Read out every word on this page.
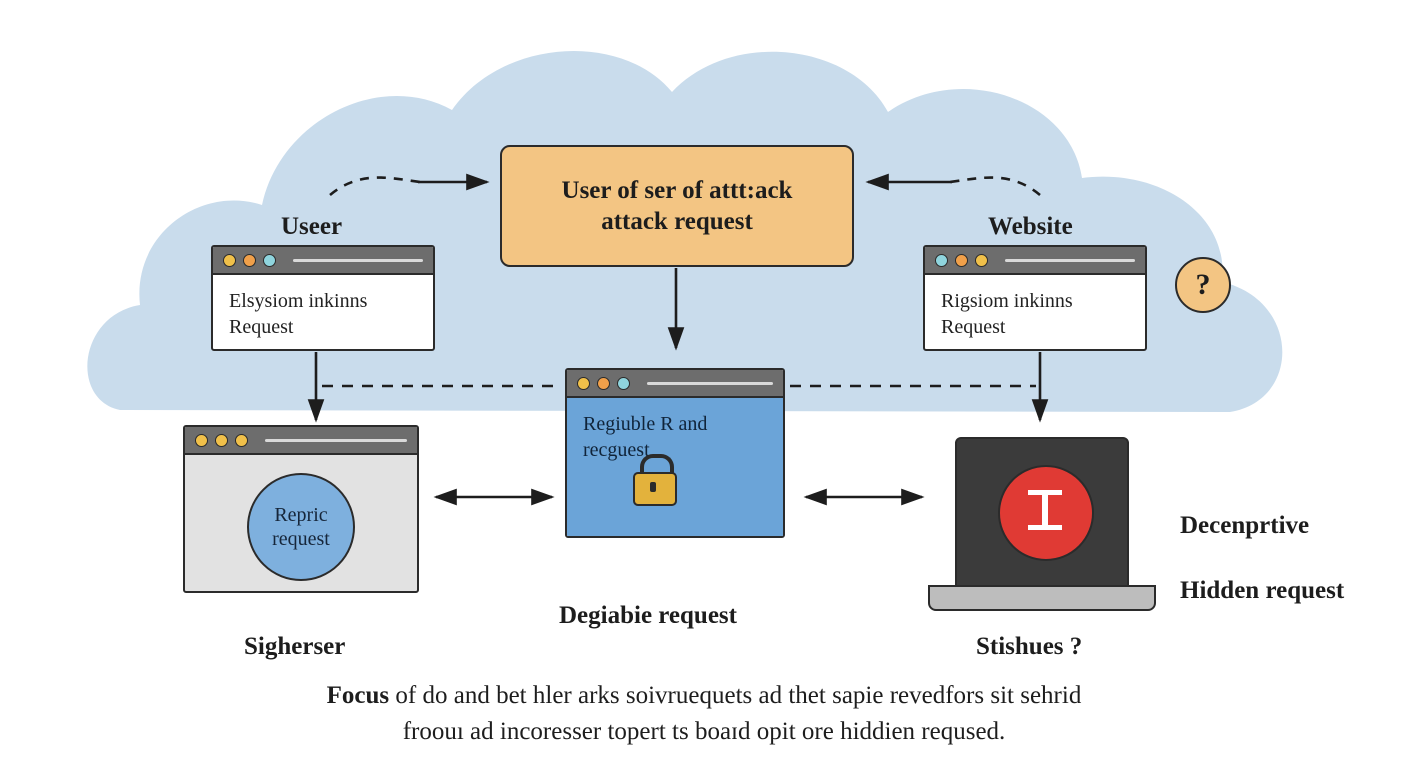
User of ser of attt:ack
attack request
?
Useer	Website
Elsysiom inkinns
Request
Rigsiom inkinns
Request
Regiuble R and
recguest
Repric
request
Sigherser
Degiabie request
Stishues ?

Decenprtive

Hidden request

Focus of do and bet hler arks soivruequets ad thet sapie revedfors sit sehrid
froouı ad incoresser topert ts boaɪd opit ore hiddien reqused.
